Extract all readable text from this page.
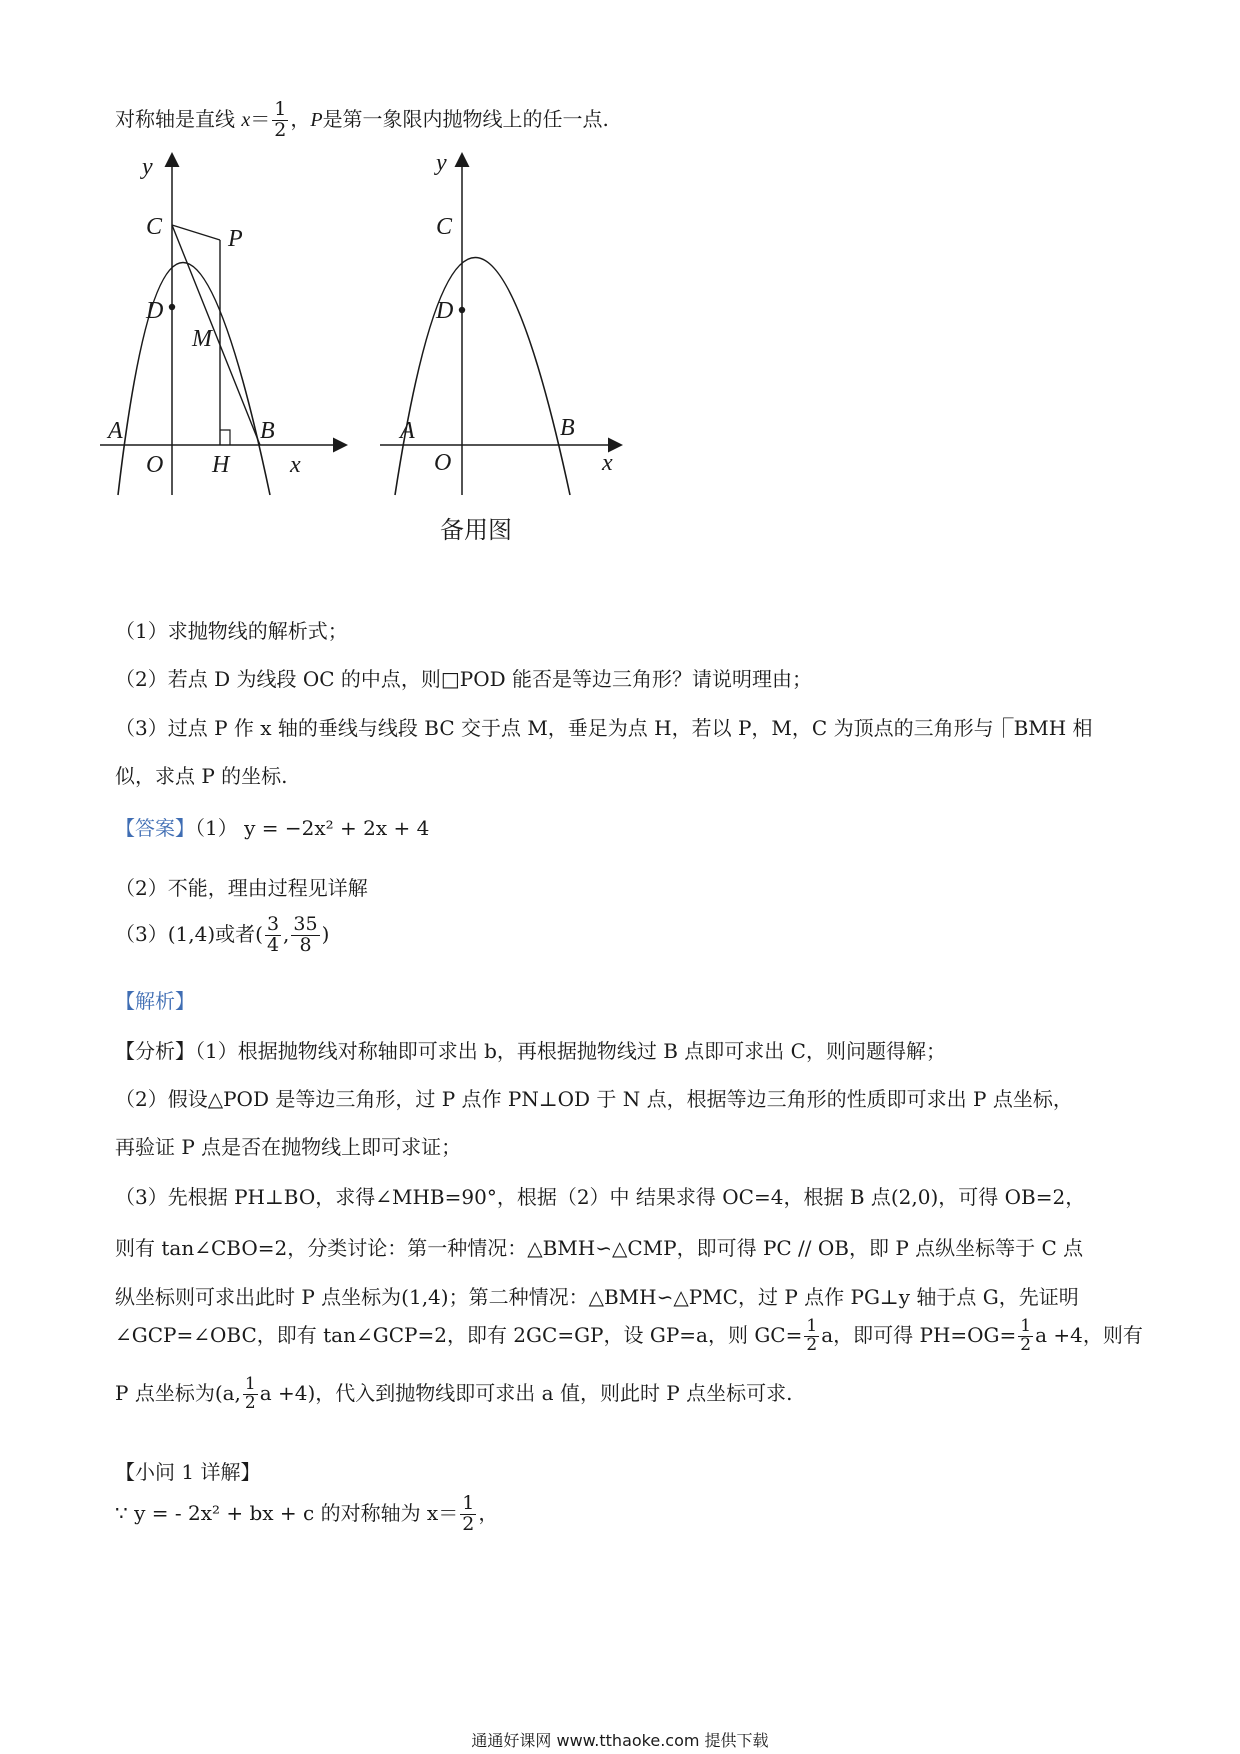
对称轴是直线 $x= \frac{1}{2}$ ，P是第一象限内抛物线上的任一点.
y
C	P
D
M
A	B
O H	x
y
C
D
A	B
O	x
备用图
（1）求抛物线的解析式；
（2）若点 D 为线段 OC 的中点，则□POD 能否是等边三角形？请说明理由；
（3）过点 P 作 x 轴的垂线与线段 BC 交于点 M，垂足为点 H，若以 P，M，C 为顶点的三角形与⎾BMH 相
似，求点 P 的坐标.
【答案】（1） y = −2x² + 2x + 4
（2）不能，理由过程见详解
（3）(1,4)或者( $\frac{3}{4}$ , $\frac{35}{8}$ )
【解析】
【分析】（1）根据抛物线对称轴即可求出 b，再根据抛物线过 B 点即可求出 C，则问题得解；
（2）假设△POD 是等边三角形，过 P 点作 PN⊥OD 于 N 点，根据等边三角形的性质即可求出 P 点坐标，
再验证 P 点是否在抛物线上即可求证；
（3）先根据 PH⊥BO，求得∠MHB=90°，根据（2）中 结果求得 OC=4，根据 B 点(2,0)，可得 OB=2，
则有 tan∠CBO=2，分类讨论：第一种情况：△BMH∽△CMP，即可得 PC // OB，即 P 点纵坐标等于 C 点
纵坐标则可求出此时 P 点坐标为(1,4)；第二种情况：△BMH∽△PMC，过 P 点作 PG⊥y 轴于点 G，先证明
∠GCP=∠OBC，即有 tan∠GCP=2，即有 2GC=GP，设 GP=a，则 $GC= \frac{1}{2}$ a，即可得 $PH=OG= \frac{1}{2}$ a +4，则有
P 点坐标为(a, $\frac{1}{2}$ a +4)，代入到抛物线即可求出 a 值，则此时 P 点坐标可求.
【小问 1 详解】
∵ y = - 2x² + bx + c 的对称轴为 $x= \frac{1}{2}$ ，
通通好课网 www.tthaoke.com 提供下载
